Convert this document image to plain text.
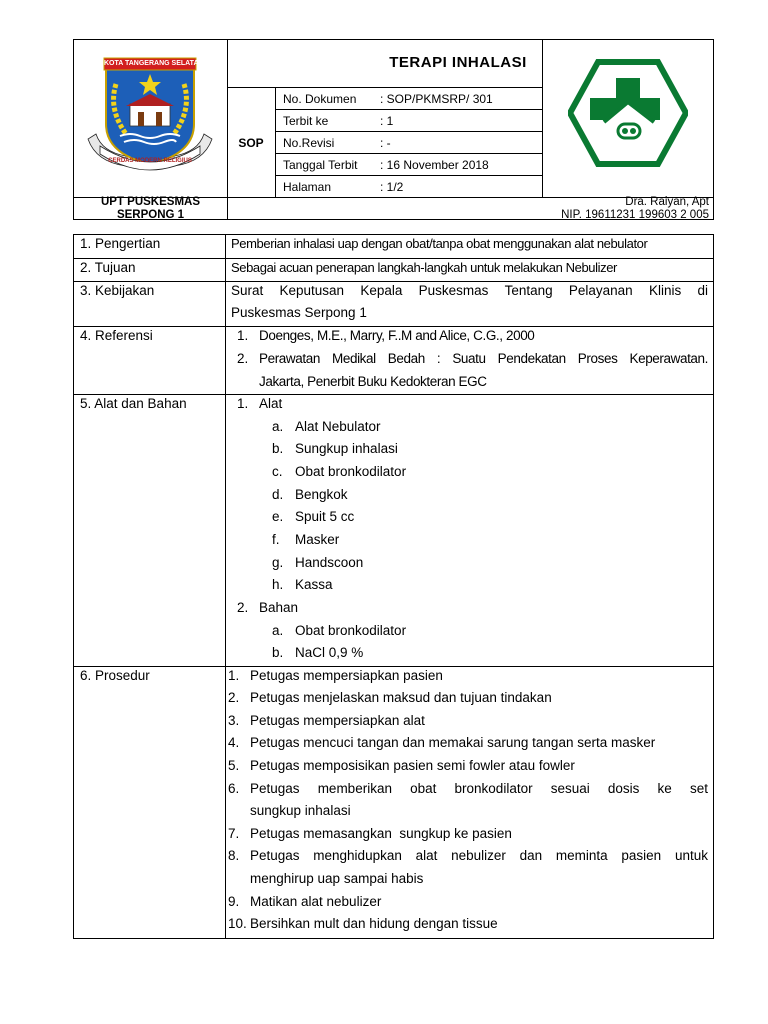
KOTA TANGERANG SELATAN
CERDAS MODERN RELIGIUS
TERAPI INHALASI
SOP
No. Dokumen : SOP/PKMSRP/ 301
Terbit ke	: 1
No.Revisi	: -
Tanggal Terbit : 16 November 2018
Halaman	: 1/2
UPT PUSKESMAS
SERPONG 1
Dra. Raiyan, Apt
NIP. 19611231 199603 2 005
1. Pengertian	Pemberian inhalasi uap dengan obat/tanpa obat menggunakan alat nebulator
2. Tujuan	Sebagai acuan penerapan langkah-langkah untuk melakukan Nebulizer
3. Kebijakan	Surat Keputusan Kepala Puskesmas Tentang Pelayanan Klinis di
Puskesmas Serpong 1
4. Referensi	1. Doenges, M.E., Marry, F..M and Alice, C.G., 2000
2. Perawatan Medikal Bedah : Suatu Pendekatan Proses Keperawatan.
Jakarta, Penerbit Buku Kedokteran EGC
5. Alat dan Bahan	1. Alat
a. Alat Nebulator
b. Sungkup inhalasi
c. Obat bronkodilator
d. Bengkok
e. Spuit 5 cc
f. Masker
g. Handscoon
h. Kassa
2. Bahan
a. Obat bronkodilator
b. NaCl 0,9 %
6. Prosedur	1. Petugas mempersiapkan pasien
2. Petugas menjelaskan maksud dan tujuan tindakan
3. Petugas mempersiapkan alat
4. Petugas mencuci tangan dan memakai sarung tangan serta masker
5. Petugas memposisikan pasien semi fowler atau fowler
6. Petugas memberikan obat bronkodilator sesuai dosis ke set
sungkup inhalasi
7. Petugas memasangkan  sungkup ke pasien
8. Petugas menghidupkan alat nebulizer dan meminta pasien untuk
menghirup uap sampai habis
9. Matikan alat nebulizer
10. Bersihkan mult dan hidung dengan tissue
